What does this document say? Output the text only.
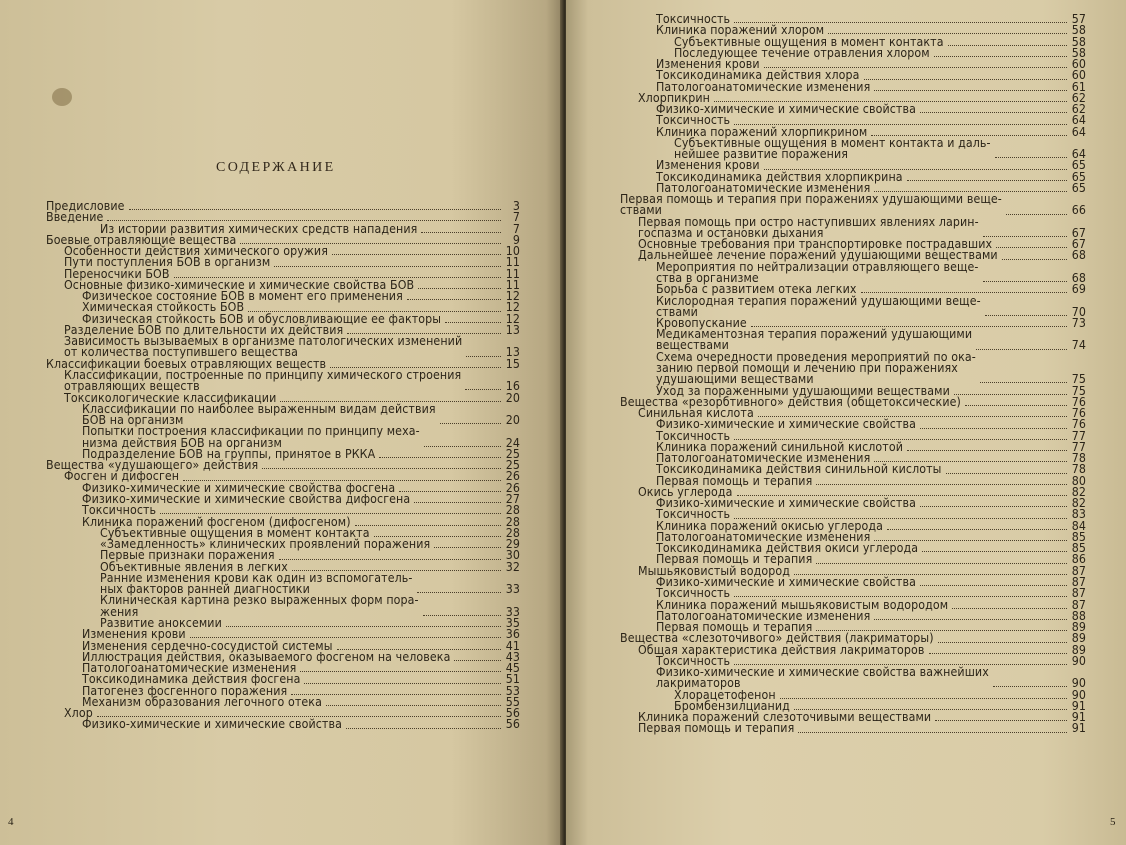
СОДЕРЖАНИЕ
Предисловие	3
Введение	7
Из истории развития химических средств нападения	7
Боевые отравляющие вещества	9
Особенности действия химического оружия	10
Пути поступления БОВ в организм	11
Переносчики БОВ	11
Основные физико-химические и химические свойства БОВ	11
Физическое состояние БОВ в момент его применения	12
Химическая стойкость БОВ	12
Физическая стойкость БОВ и обусловливающие ее факторы	12
Разделение БОВ по длительности их действия	13
Зависимость вызываемых в организме патологических изменений
от количества поступившего вещества	13
Классификации боевых отравляющих веществ	15
Классификации, построенные по принципу химического строения
отравляющих веществ	16
Токсикологические классификации	20
Классификации по наиболее выраженным видам действия
БОВ на организм	20
Попытки построения классификации по принципу меха-
низма действия БОВ на организм	24
Подразделение БОВ на группы, принятое в РККА	25
Вещества «удушающего» действия	25
Фосген и дифосген	26
Физико-химические и химические свойства фосгена	26
Физико-химические и химические свойства дифосгена	27
Токсичность	28
Клиника поражений фосгеном (дифосгеном)	28
Субъективные ощущения в момент контакта	28
«Замедленность» клинических проявлений поражения	29
Первые признаки поражения	30
Объективные явления в легких	32
Ранние изменения крови как один из вспомогатель-
ных факторов ранней диагностики	33
Клиническая картина резко выраженных форм пора-
жения	33
Развитие аноксемии	35
Изменения крови	36
Изменения сердечно-сосудистой системы	41
Иллюстрация действия, оказываемого фосгеном на человека	43
Патологоанатомические изменения	45
Токсикодинамика действия фосгена	51
Патогенез фосгенного поражения	53
Механизм образования легочного отека	55
Хлор	56
Физико-химические и химические свойства	56
4
Токсичность	57
Клиника поражений хлором	58
Субъективные ощущения в момент контакта	58
Последующее течение отравления хлором	58
Изменения крови	60
Токсикодинамика действия хлора	60
Патологоанатомические изменения	61
Хлорпикрин	62
Физико-химические и химические свойства	62
Токсичность	64
Клиника поражений хлорпикрином	64
Субъективные ощущения в момент контакта и даль-
нейшее развитие поражения	64
Изменения крови	65
Токсикодинамика действия хлорпикрина	65
Патологоанатомические изменения	65
Первая помощь и терапия при поражениях удушающими веще-
ствами	66
Первая помощь при остро наступивших явлениях ларин-
госпазма и остановки дыхания	67
Основные требования при транспортировке пострадавших	67
Дальнейшее лечение поражений удушающими веществами	68
Мероприятия по нейтрализации отравляющего веще-
ства в организме	68
Борьба с развитием отека легких	69
Кислородная терапия поражений удушающими веще-
ствами	70
Кровопускание	73
Медикаментозная терапия поражений удушающими
веществами	74
Схема очередности проведения мероприятий по ока-
занию первой помощи и лечению при поражениях
удушающими веществами	75
Уход за пораженными удушающими веществами	75
Вещества «резорбтивного» действия (общетоксические)	76
Синильная кислота	76
Физико-химические и химические свойства	76
Токсичность	77
Клиника поражений синильной кислотой	77
Патологоанатомические изменения	78
Токсикодинамика действия синильной кислоты	78
Первая помощь и терапия	80
Окись углерода	82
Физико-химические и химические свойства	82
Токсичность	83
Клиника поражений окисью углерода	84
Патологоанатомические изменения	85
Токсикодинамика действия окиси углерода	85
Первая помощь и терапия	86
Мышьяковистый водород	87
Физико-химические и химические свойства	87
Токсичность	87
Клиника поражений мышьяковистым водородом	87
Патологоанатомические изменения	88
Первая помощь и терапия	89
Вещества «слезоточивого» действия (лакриматоры)	89
Общая характеристика действия лакриматоров	89
Токсичность	90
Физико-химические и химические свойства важнейших
лакриматоров	90
Хлорацетофенон	90
Бромбензилцианид	91
Клиника поражений слезоточивыми веществами	91
Первая помощь и терапия	91
5
